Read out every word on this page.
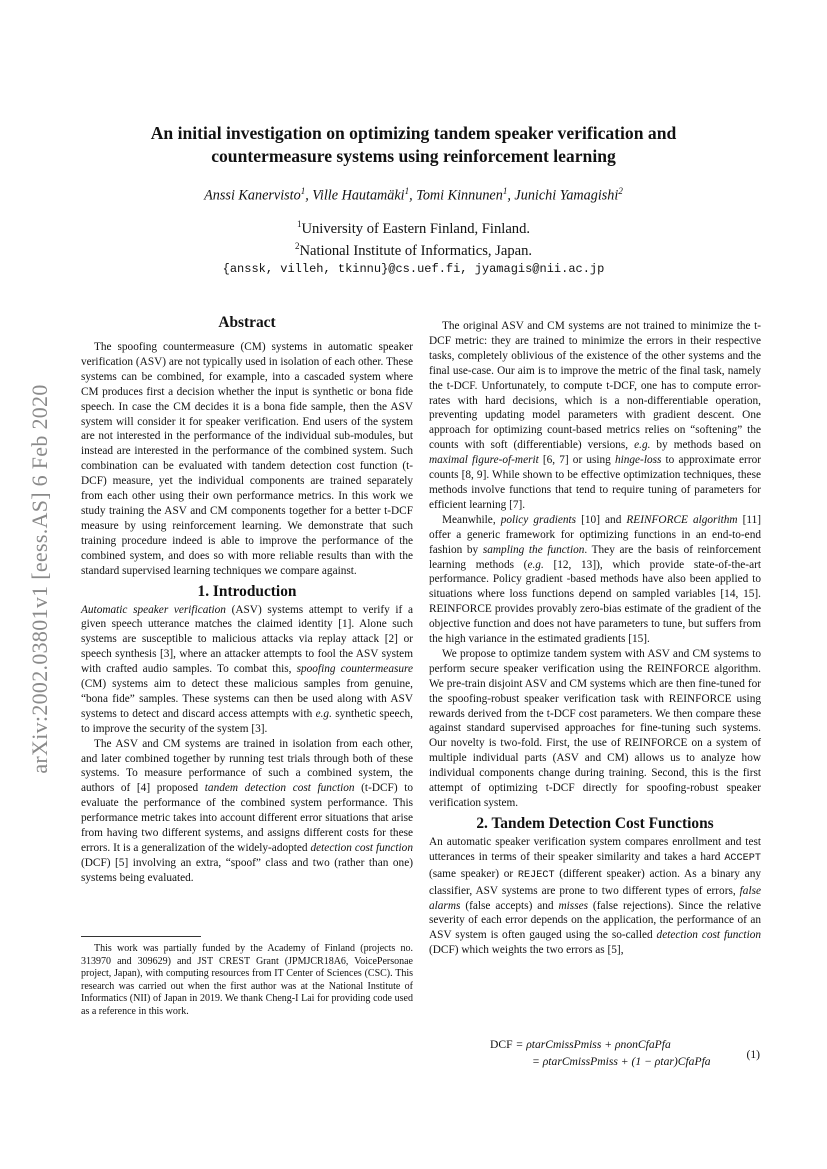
arXiv:2002.03801v1 [eess.AS] 6 Feb 2020
An initial investigation on optimizing tandem speaker verification and
countermeasure systems using reinforcement learning
Anssi Kanervisto$^1$, Ville Hautamäki$^1$, Tomi Kinnunen$^1$, Junichi Yamagishi$^2$
$^1$University of Eastern Finland, Finland.
$^2$National Institute of Informatics, Japan.
{anssk, villeh, tkinnu}@cs.uef.fi, jyamagis@nii.ac.jp
Abstract

The spoofing countermeasure (CM) systems in automatic speaker verification (ASV) are not typically used in isolation of each other. These systems can be combined, for example, into a cascaded system where CM produces first a decision whether the input is synthetic or bona fide speech. In case the CM decides it is a bona fide sample, then the ASV system will consider it for speaker verification. End users of the system are not interested in the performance of the individual sub-modules, but instead are interested in the performance of the combined system. Such combination can be evaluated with tandem detection cost function (t-DCF) measure, yet the individual components are trained separately from each other using their own performance metrics. In this work we study training the ASV and CM components together for a better t-DCF measure by using reinforcement learning. We demonstrate that such training procedure indeed is able to improve the performance of the combined system, and does so with more reliable results than with the standard supervised learning techniques we compare against.

1. Introduction

Automatic speaker verification (ASV) systems attempt to verify if a given speech utterance matches the claimed identity [1]. Alone such systems are susceptible to malicious attacks via replay attack [2] or speech synthesis [3], where an attacker attempts to fool the ASV system with crafted audio samples. To combat this, spoofing countermeasure (CM) systems aim to detect these malicious samples from genuine, “bona fide” samples. These systems can then be used along with ASV systems to detect and discard access attempts with e.g. synthetic speech, to improve the security of the system [3].

The ASV and CM systems are trained in isolation from each other, and later combined together by running test trials through both of these systems. To measure performance of such a combined system, the authors of [4] proposed tandem detection cost function (t-DCF) to evaluate the performance of the combined system performance. This performance metric takes into account different error situations that arise from having two different systems, and assigns different costs for these errors. It is a generalization of the widely-adopted detection cost function (DCF) [5] involving an extra, “spoof” class and two (rather than one) systems being evaluated.

This work was partially funded by the Academy of Finland (projects no. 313970 and 309629) and JST CREST Grant (JPMJCR18A6, VoicePersonae project, Japan), with computing resources from IT Center of Sciences (CSC). This research was carried out when the first author was at the National Institute of Informatics (NII) of Japan in 2019. We thank Cheng-I Lai for providing code used as a reference in this work.

The original ASV and CM systems are not trained to minimize the t-DCF metric: they are trained to minimize the errors in their respective tasks, completely oblivious of the existence of the other systems and the final use-case. Our aim is to improve the metric of the final task, namely the t-DCF. Unfortunately, to compute t-DCF, one has to compute error-rates with hard decisions, which is a non-differentiable operation, preventing updating model parameters with gradient descent. One approach for optimizing count-based metrics relies on “softening” the counts with soft (differentiable) versions, e.g. by methods based on maximal figure-of-merit [6, 7] or using hinge-loss to approximate error counts [8, 9]. While shown to be effective optimization techniques, these methods involve functions that tend to require tuning of parameters for efficient learning [7].

Meanwhile, policy gradients [10] and REINFORCE algorithm [11] offer a generic framework for optimizing functions in an end-to-end fashion by sampling the function. They are the basis of reinforcement learning methods (e.g. [12, 13]), which provide state-of-the-art performance. Policy gradient -based methods have also been applied to situations where loss functions depend on sampled variables [14, 15]. REINFORCE provides provably zero-bias estimate of the gradient of the objective function and does not have parameters to tune, but suffers from the high variance in the estimated gradients [15].

We propose to optimize tandem system with ASV and CM systems to perform secure speaker verification using the REINFORCE algorithm. We pre-train disjoint ASV and CM systems which are then fine-tuned for the spoofing-robust speaker verification task with REINFORCE using rewards derived from the t-DCF cost parameters. We then compare these against standard supervised approaches for fine-tuning such systems. Our novelty is two-fold. First, the use of REINFORCE on a system of multiple individual parts (ASV and CM) allows us to analyze how individual components change during training. Second, this is the first attempt of optimizing t-DCF directly for spoofing-robust speaker verification system.

2. Tandem Detection Cost Functions

An automatic speaker verification system compares enrollment and test utterances in terms of their speaker similarity and takes a hard ACCEPT (same speaker) or REJECT (different speaker) action. As a binary any classifier, ASV systems are prone to two different types of errors, false alarms (false accepts) and misses (false rejections). Since the relative severity of each error depends on the application, the performance of an ASV system is often gauged using the so-called detection cost function (DCF) which weights the two errors as [5],

DCF = ρtarCmissPmiss + ρnonCfaPfa
= ρtarCmissPmiss + (1 − ρtar)CfaPfa
(1)
